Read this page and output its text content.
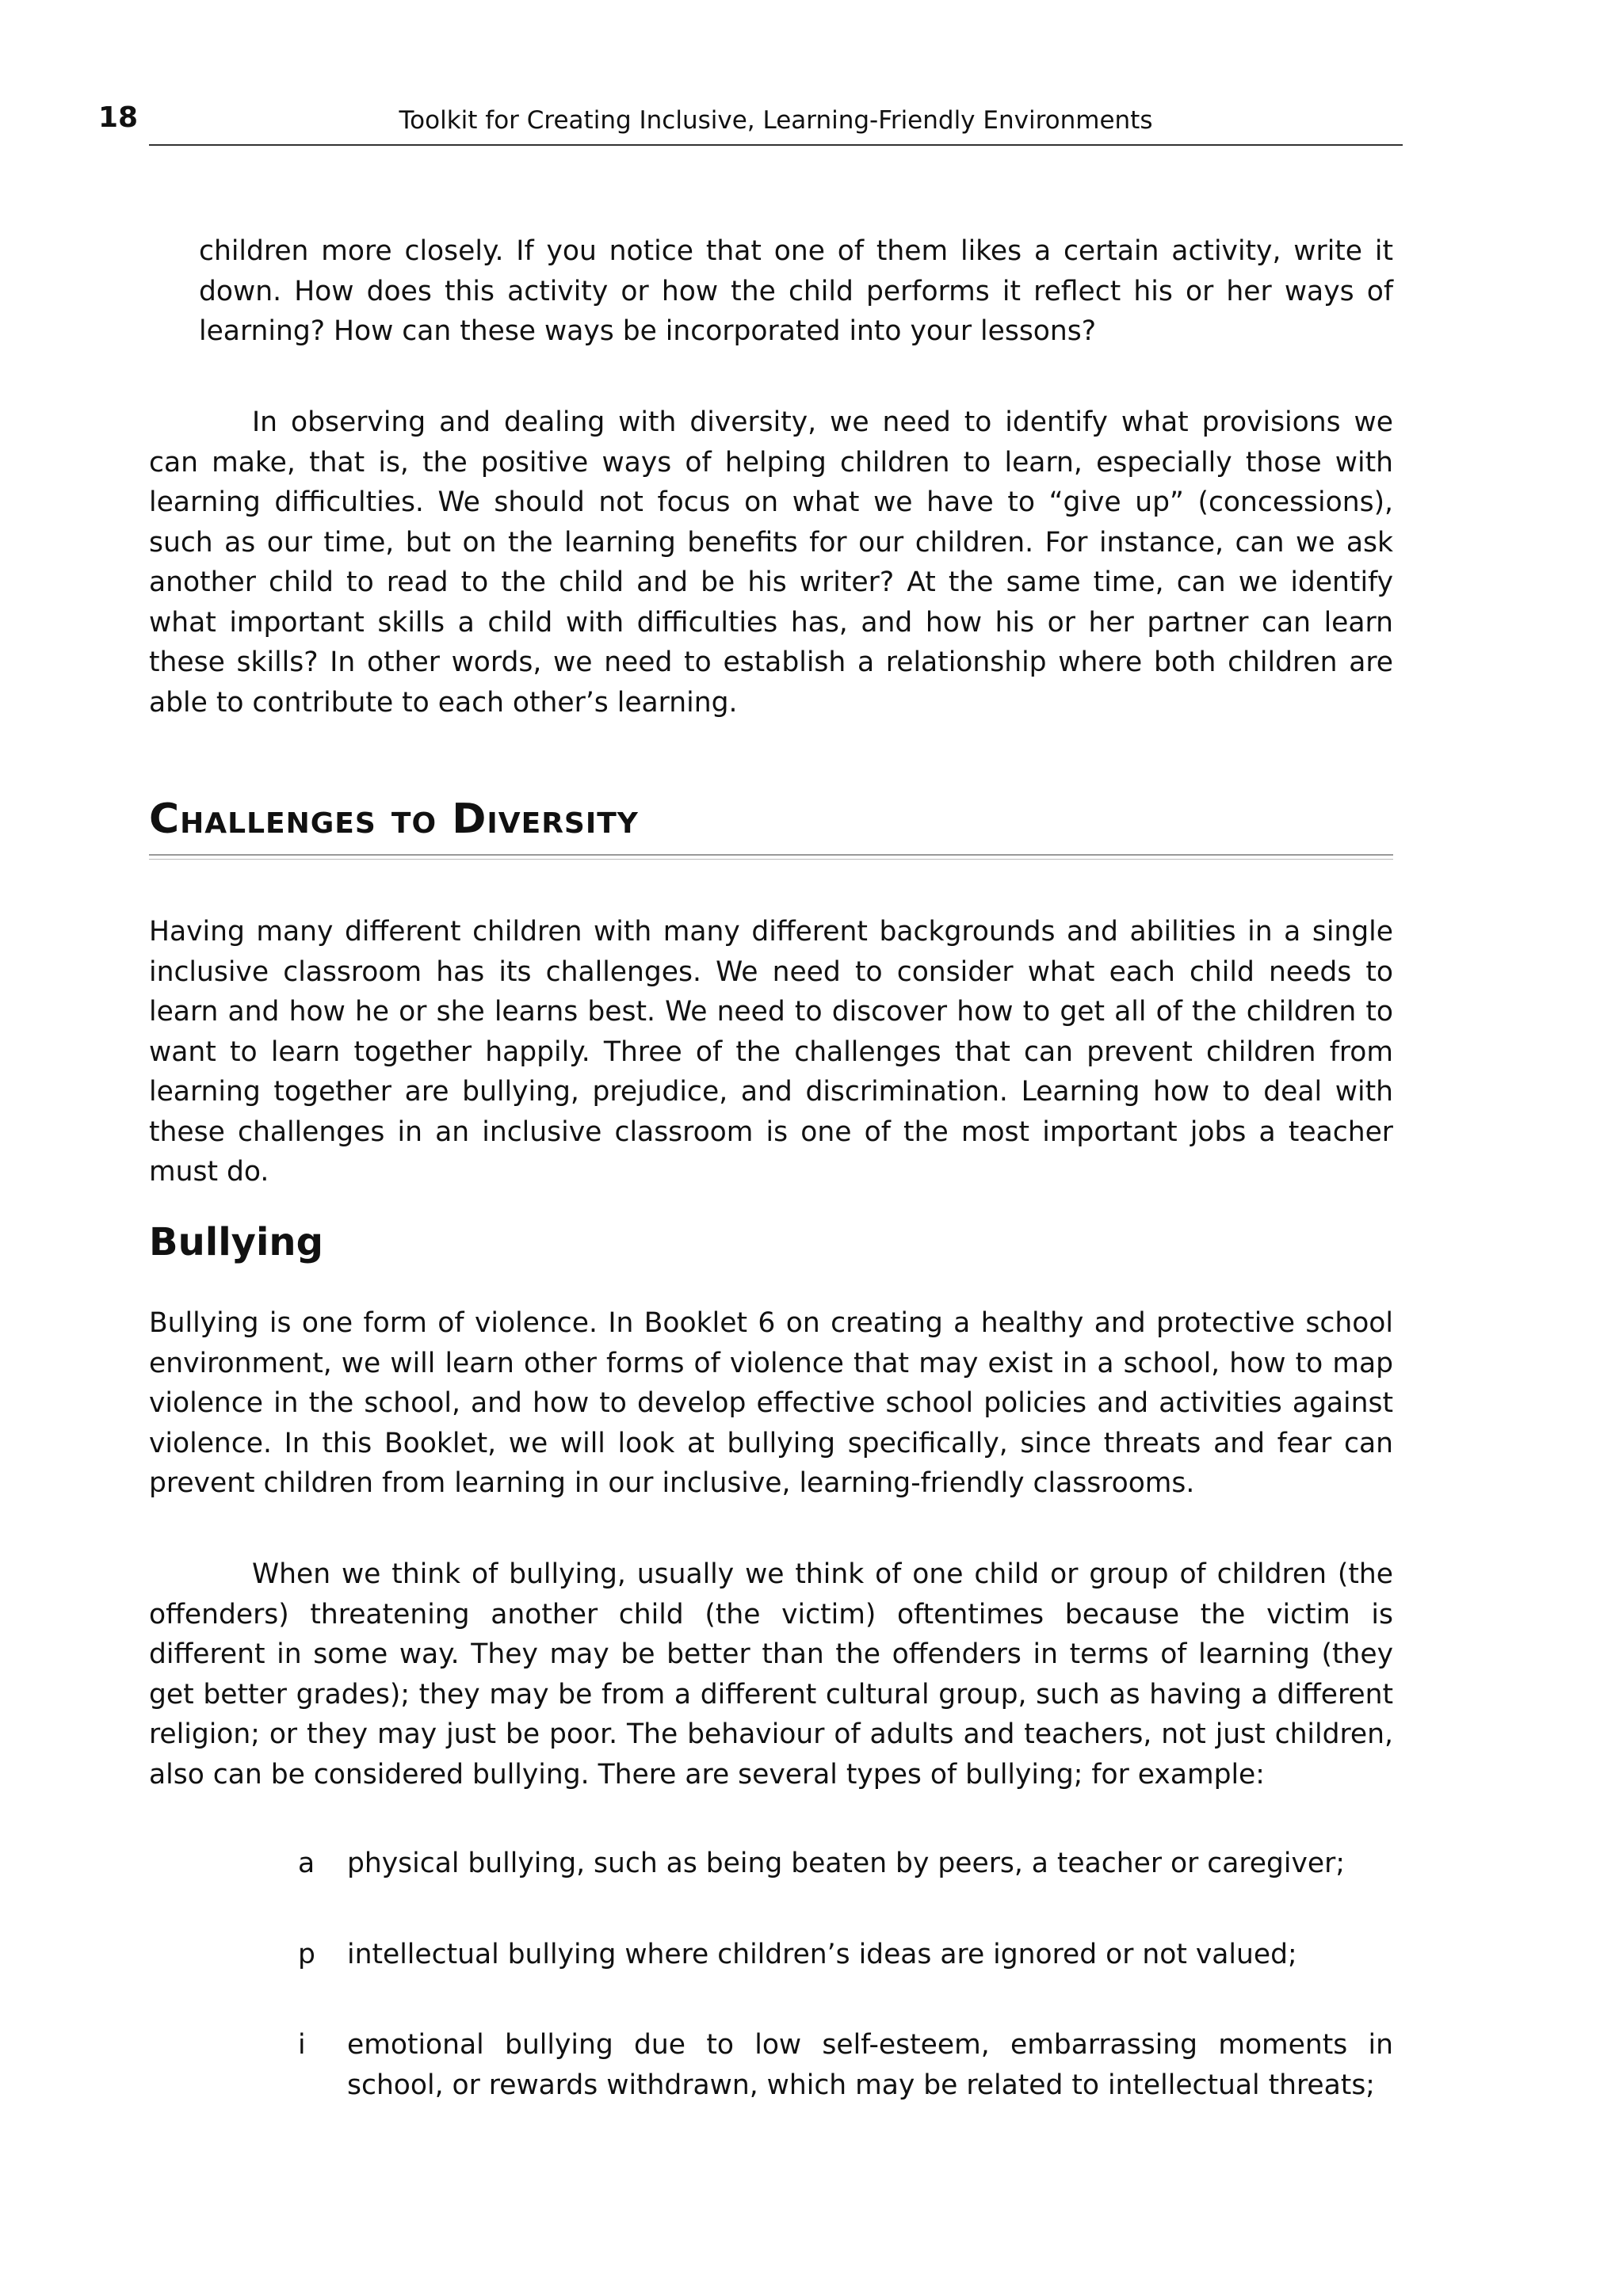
18	Toolkit for Creating Inclusive, Learning-Friendly Environments

children more closely. If you notice that one of them likes a certain activity, write it down. How does this activity or how the child performs it reflect his or her ways of learning? How can these ways be incorporated into your lessons?

In observing and dealing with diversity, we need to identify what provisions we can make, that is, the positive ways of helping children to learn, especially those with learning difficulties. We should not focus on what we have to “give up” (concessions), such as our time, but on the learning benefits for our children. For instance, can we ask another child to read to the child and be his writer? At the same time, can we identify what important skills a child with difficulties has, and how his or her partner can learn these skills? In other words, we need to establish a relationship where both children are able to contribute to each other’s learning.

Challenges to Diversity

Having many different children with many different backgrounds and abilities in a single inclusive classroom has its challenges. We need to consider what each child needs to learn and how he or she learns best. We need to discover how to get all of the children to want to learn together happily. Three of the challenges that can prevent children from learning together are bullying, prejudice, and discrimination. Learning how to deal with these challenges in an inclusive classroom is one of the most important jobs a teacher must do.

Bullying

Bullying is one form of violence. In Booklet 6 on creating a healthy and protective school environment, we will learn other forms of violence that may exist in a school, how to map violence in the school, and how to develop effective school policies and activities against violence. In this Booklet, we will look at bullying specifically, since threats and fear can prevent children from learning in our inclusive, learning-friendly classrooms.

When we think of bullying, usually we think of one child or group of children (the offenders) threatening another child (the victim) oftentimes because the victim is different in some way. They may be better than the offenders in terms of learning (they get better grades); they may be from a different cultural group, such as having a different religion; or they may just be poor. The behaviour of adults and teachers, not just children, also can be considered bullying. There are several types of bullying; for example:

a physical bullying, such as being beaten by peers, a teacher or caregiver;

p intellectual bullying where children’s ideas are ignored or not valued;

i emotional bullying due to low self-esteem, embarrassing moments in school, or rewards withdrawn, which may be related to intellectual threats;
